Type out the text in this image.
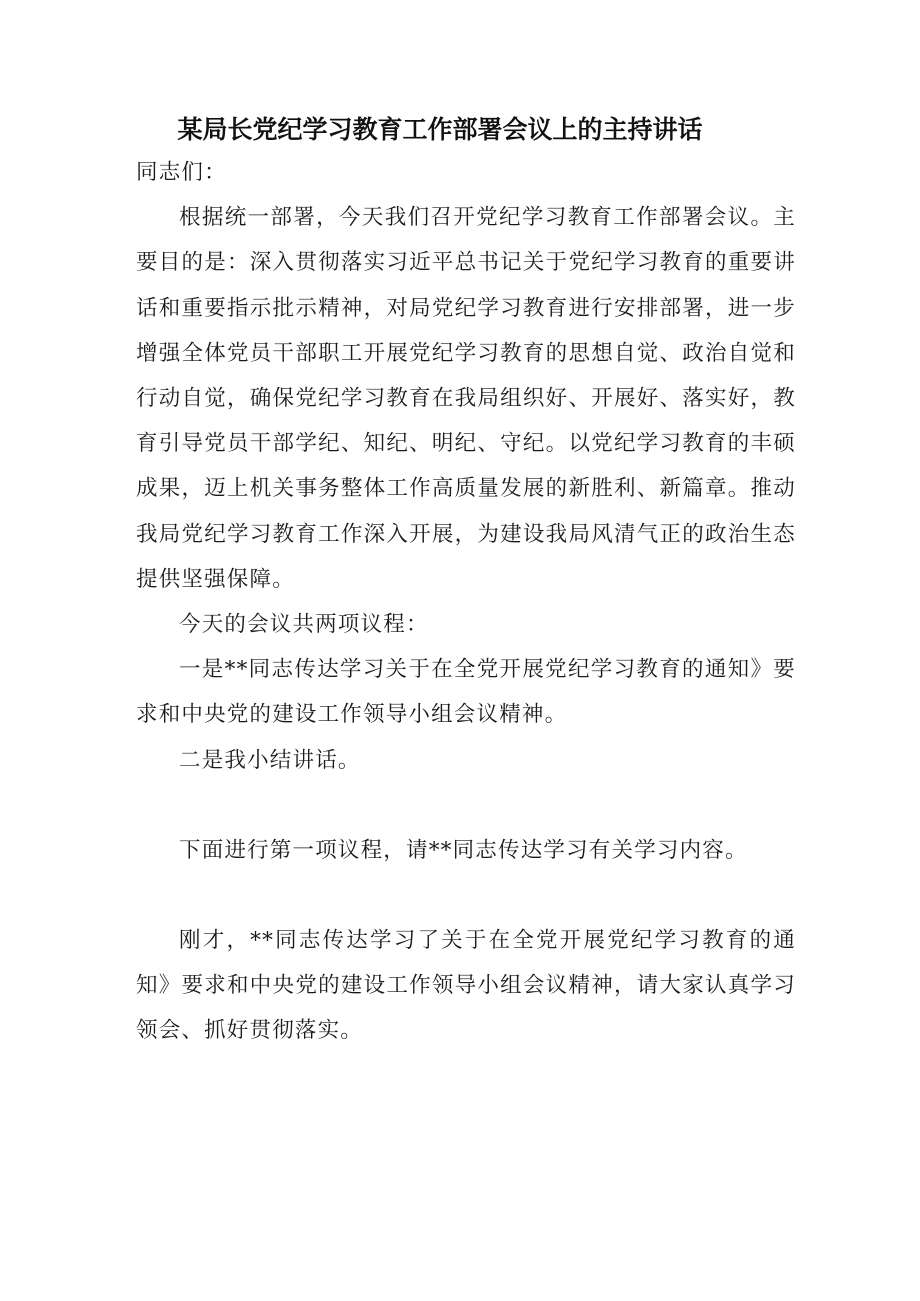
某局长党纪学习教育工作部署会议上的主持讲话

同志们：

根据统一部署，今天我们召开党纪学习教育工作部署会议。主要目的是：深入贯彻落实习近平总书记关于党纪学习教育的重要讲话和重要指示批示精神，对局党纪学习教育进行安排部署，进一步增强全体党员干部职工开展党纪学习教育的思想自觉、政治自觉和行动自觉，确保党纪学习教育在我局组织好、开展好、落实好，教育引导党员干部学纪、知纪、明纪、守纪。以党纪学习教育的丰硕成果，迈上机关事务整体工作高质量发展的新胜利、新篇章。推动我局党纪学习教育工作深入开展，为建设我局风清气正的政治生态提供坚强保障。

今天的会议共两项议程：

一是**同志传达学习关于在全党开展党纪学习教育的通知》要求和中央党的建设工作领导小组会议精神。

二是我小结讲话。

下面进行第一项议程，请**同志传达学习有关学习内容。

刚才，**同志传达学习了关于在全党开展党纪学习教育的通知》要求和中央党的建设工作领导小组会议精神，请大家认真学习领会、抓好贯彻落实。
